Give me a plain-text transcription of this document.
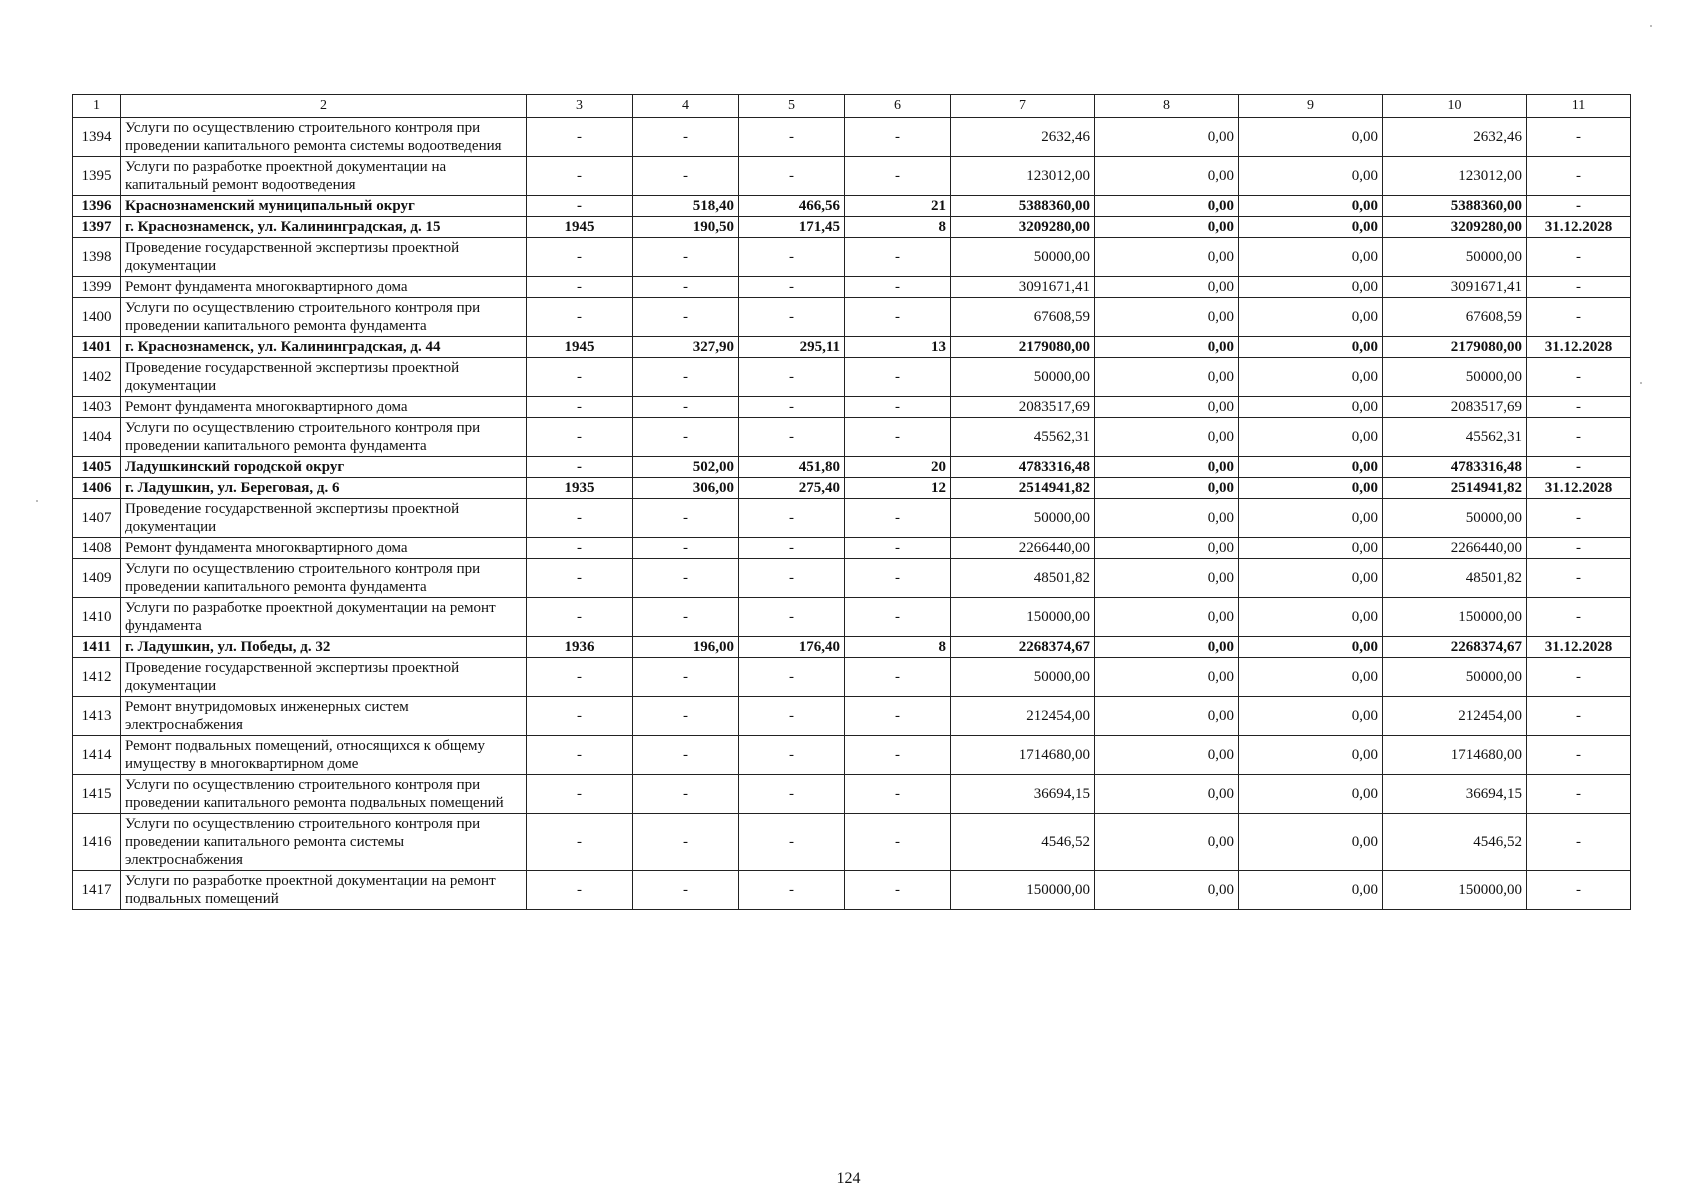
1	2	3	4	5	6	7	8	9	10	11
1394	Услуги по осуществлению строительного контроля при проведении капитального ремонта системы водоотведения	-	-	-	-	2632,46	0,00	0,00	2632,46	-
1395	Услуги по разработке проектной документации на капитальный ремонт водоотведения	-	-	-	-	123012,00	0,00	0,00	123012,00	-
1396	Краснознаменский муниципальный округ	-	518,40	466,56	21	5388360,00	0,00	0,00	5388360,00	-
1397	г. Краснознаменск, ул. Калининградская, д. 15	1945	190,50	171,45	8	3209280,00	0,00	0,00	3209280,00	31.12.2028
1398	Проведение государственной экспертизы проектной документации	-	-	-	-	50000,00	0,00	0,00	50000,00	-
1399	Ремонт фундамента многоквартирного дома	-	-	-	-	3091671,41	0,00	0,00	3091671,41	-
1400	Услуги по осуществлению строительного контроля при проведении капитального ремонта фундамента	-	-	-	-	67608,59	0,00	0,00	67608,59	-
1401	г. Краснознаменск, ул. Калининградская, д. 44	1945	327,90	295,11	13	2179080,00	0,00	0,00	2179080,00	31.12.2028
1402	Проведение государственной экспертизы проектной документации	-	-	-	-	50000,00	0,00	0,00	50000,00	-
1403	Ремонт фундамента многоквартирного дома	-	-	-	-	2083517,69	0,00	0,00	2083517,69	-
1404	Услуги по осуществлению строительного контроля при проведении капитального ремонта фундамента	-	-	-	-	45562,31	0,00	0,00	45562,31	-
1405	Ладушкинский городской округ	-	502,00	451,80	20	4783316,48	0,00	0,00	4783316,48	-
1406	г. Ладушкин, ул. Береговая, д. 6	1935	306,00	275,40	12	2514941,82	0,00	0,00	2514941,82	31.12.2028
1407	Проведение государственной экспертизы проектной документации	-	-	-	-	50000,00	0,00	0,00	50000,00	-
1408	Ремонт фундамента многоквартирного дома	-	-	-	-	2266440,00	0,00	0,00	2266440,00	-
1409	Услуги по осуществлению строительного контроля при проведении капитального ремонта фундамента	-	-	-	-	48501,82	0,00	0,00	48501,82	-
1410	Услуги по разработке проектной документации на ремонт фундамента	-	-	-	-	150000,00	0,00	0,00	150000,00	-
1411	г. Ладушкин, ул. Победы, д. 32	1936	196,00	176,40	8	2268374,67	0,00	0,00	2268374,67	31.12.2028
1412	Проведение государственной экспертизы проектной документации	-	-	-	-	50000,00	0,00	0,00	50000,00	-
1413	Ремонт внутридомовых инженерных систем электроснабжения	-	-	-	-	212454,00	0,00	0,00	212454,00	-
1414	Ремонт подвальных помещений, относящихся к общему имуществу в многоквартирном доме	-	-	-	-	1714680,00	0,00	0,00	1714680,00	-
1415	Услуги по осуществлению строительного контроля при проведении капитального ремонта подвальных помещений	-	-	-	-	36694,15	0,00	0,00	36694,15	-
1416	Услуги по осуществлению строительного контроля при проведении капитального ремонта системы электроснабжения	-	-	-	-	4546,52	0,00	0,00	4546,52	-
1417	Услуги по разработке проектной документации на ремонт подвальных помещений	-	-	-	-	150000,00	0,00	0,00	150000,00	-
124
